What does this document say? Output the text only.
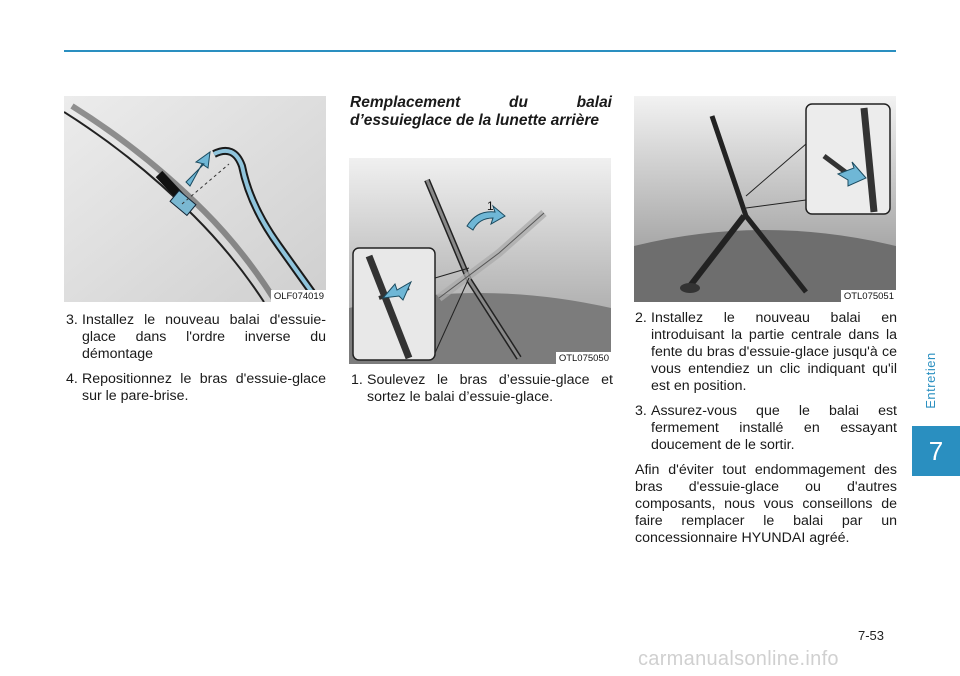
Entretien
7
OLF074019
3. Installez le nouveau balai d'essuie-glace dans l'ordre inverse du démontage
4. Repositionnez le bras d'essuie-glace sur le pare-brise.

Remplacement du balai d’essuieglace de la lunette arrière

1
OTL075050
1. Soulevez le bras d’essuie-glace et sortez le balai d’essuie-glace.
OTL075051
2. Installez le nouveau balai en introduisant la partie centrale dans la fente du bras d'essuie-glace jusqu'à ce vous entendiez un clic indiquant qu'il est en position.
3. Assurez-vous que le balai est fermement installé en essayant doucement de le sortir.

Afin d'éviter tout endommagement des bras d'essuie-glace ou d'autres composants, nous vous conseillons de faire remplacer le balai par un concessionnaire HYUNDAI agréé.

7-53
carmanualsonline.info
